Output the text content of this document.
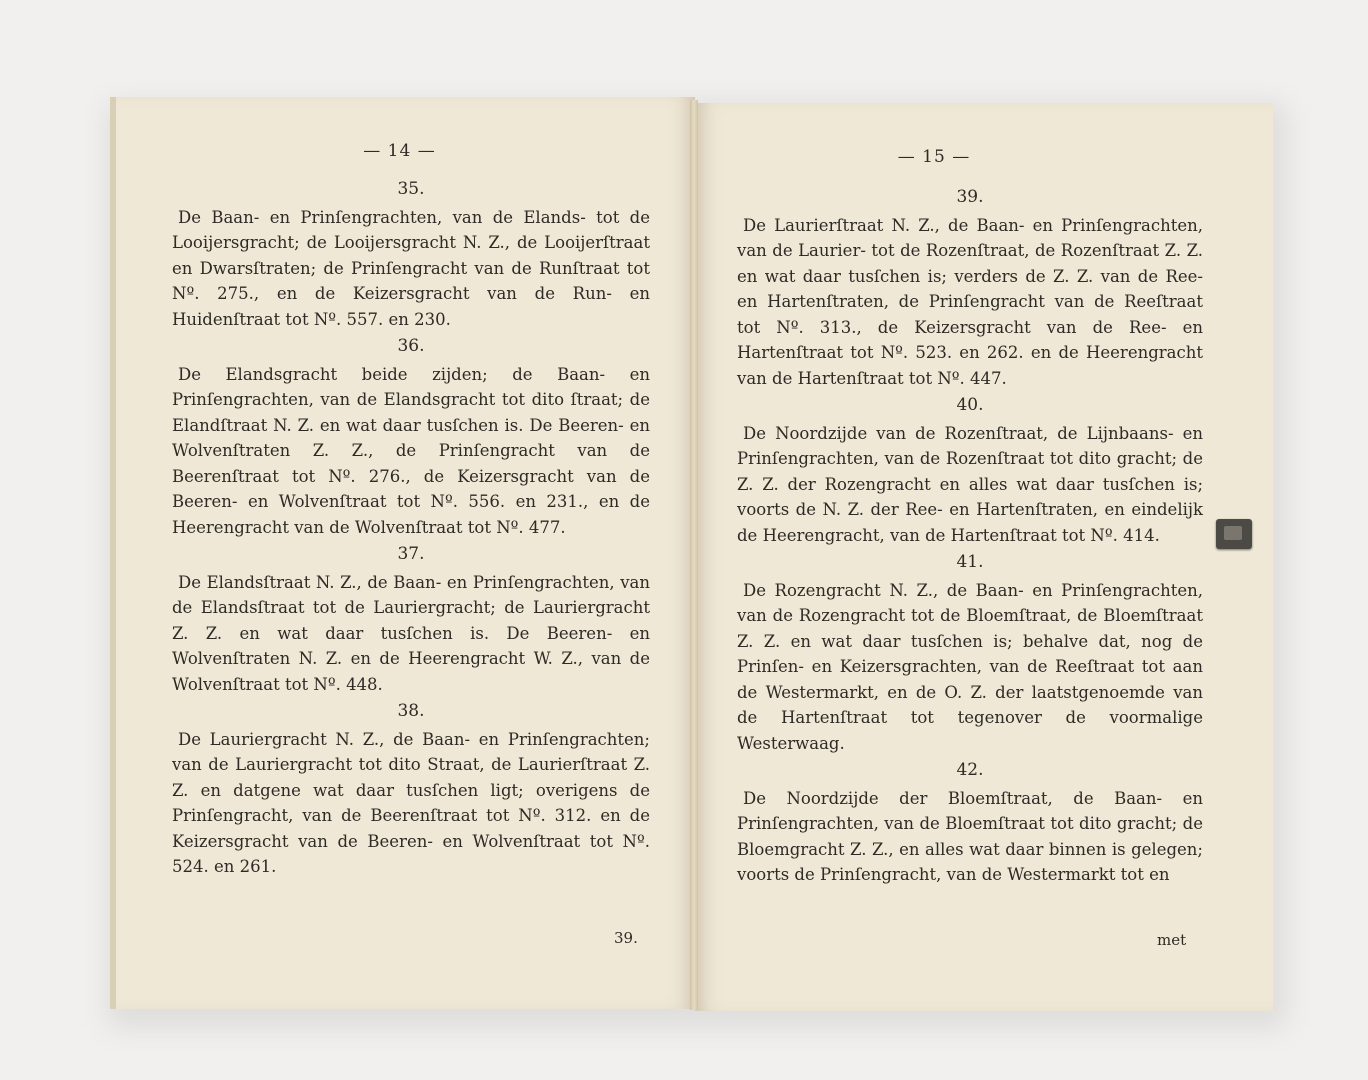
— 14 —
35.

De Baan- en Prinſengrachten, van de Elands- tot de Looijersgracht; de Looijersgracht N. Z., de Looijerſtraat en Dwarsſtraten; de Prinſengracht van de Runſtraat tot Nº. 275., en de Keizersgracht van de Run- en Huidenſtraat tot Nº. 557. en 230.

36.

De Elandsgracht beide zijden; de Baan- en Prinſengrachten, van de Elandsgracht tot dito ſtraat; de Elandſtraat N. Z. en wat daar tusſchen is. De Beeren- en Wolvenſtraten Z. Z., de Prinſengracht van de Beerenſtraat tot Nº. 276., de Keizersgracht van de Beeren- en Wolvenſtraat tot Nº. 556. en 231., en de Heerengracht van de Wolvenſtraat tot Nº. 477.

37.

De Elandsſtraat N. Z., de Baan- en Prinſengrachten, van de Elandsſtraat tot de Lauriergracht; de Lauriergracht Z. Z. en wat daar tusſchen is. De Beeren- en Wolvenſtraten N. Z. en de Heerengracht W. Z., van de Wolvenſtraat tot Nº. 448.

38.

De Lauriergracht N. Z., de Baan- en Prinſengrachten; van de Lauriergracht tot dito Straat, de Laurierſtraat Z. Z. en datgene wat daar tusſchen ligt; overigens de Prinſengracht, van de Beerenſtraat tot Nº. 312. en de Keizersgracht van de Beeren- en Wolvenſtraat tot Nº. 524. en 261.

39.
— 15 —
39.

De Laurierſtraat N. Z., de Baan- en Prinſengrachten, van de Laurier- tot de Rozenſtraat, de Rozenſtraat Z. Z. en wat daar tusſchen is; verders de Z. Z. van de Ree- en Hartenſtraten, de Prinſengracht van de Reeſtraat tot Nº. 313., de Keizersgracht van de Ree- en Hartenſtraat tot Nº. 523. en 262. en de Heerengracht van de Hartenſtraat tot Nº. 447.

40.

De Noordzijde van de Rozenſtraat, de Lijnbaans- en Prinſengrachten, van de Rozenſtraat tot dito gracht; de Z. Z. der Rozengracht en alles wat daar tusſchen is; voorts de N. Z. der Ree- en Hartenſtraten, en eindelijk de Heerengracht, van de Hartenſtraat tot Nº. 414.

41.

De Rozengracht N. Z., de Baan- en Prinſengrachten, van de Rozengracht tot de Bloemſtraat, de Bloemſtraat Z. Z. en wat daar tusſchen is; behalve dat, nog de Prinſen- en Keizersgrachten, van de Reeſtraat tot aan de Westermarkt, en de O. Z. der laatstgenoemde van de Hartenſtraat tot tegenover de voormalige Westerwaag.

42.

De Noordzijde der Bloemſtraat, de Baan- en Prinſengrachten, van de Bloemſtraat tot dito gracht; de Bloemgracht Z. Z., en alles wat daar binnen is gelegen; voorts de Prinſengracht, van de Westermarkt tot en

met
